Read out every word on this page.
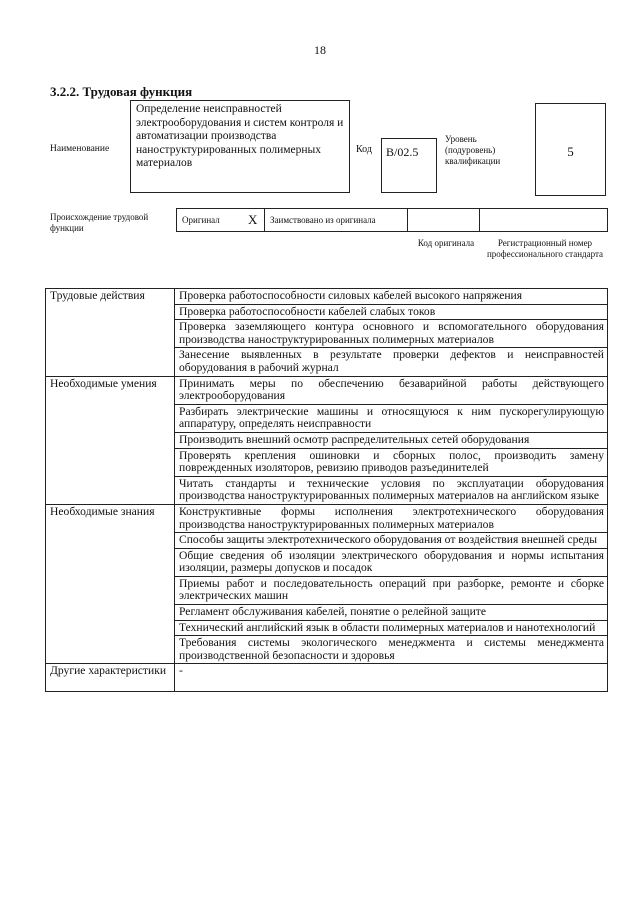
18
3.2.2. Трудовая функция
Наименование
Определение неисправностей электрооборудования и систем контроля и автоматизации производства наноструктурированных полимерных материалов
Код	B/02.5
Уровень (подуровень) квалификации
5
Происхождение трудовой функции
Оригинал	X	Заимствовано из оригинала
Код оригинала	Регистрационный номер профессионального стандарта
Трудовые действия	Проверка работоспособности силовых кабелей высокого напряжения
	Проверка работоспособности кабелей слабых токов
	Проверка заземляющего контура основного и вспомогательного оборудования производства наноструктурированных полимерных материалов
	Занесение выявленных в результате проверки дефектов и неисправностей оборудования в рабочий журнал
Необходимые умения	Принимать меры по обеспечению безаварийной работы действующего электрооборудования
	Разбирать электрические машины и относящуюся к ним пускорегулирующую аппаратуру, определять неисправности
	Производить внешний осмотр распределительных сетей оборудования
	Проверять крепления ошиновки и сборных полос, производить замену поврежденных изоляторов, ревизию приводов разъединителей
	Читать стандарты и технические условия по эксплуатации оборудования производства наноструктурированных полимерных материалов на английском языке
Необходимые знания	Конструктивные формы исполнения электротехнического оборудования производства наноструктурированных полимерных материалов
	Способы защиты электротехнического оборудования от воздействия внешней среды
	Общие сведения об изоляции электрического оборудования и нормы испытания изоляции, размеры допусков и посадок
	Приемы работ и последовательность операций при разборке, ремонте и сборке электрических машин
	Регламент обслуживания кабелей, понятие о релейной защите
	Технический английский язык в области полимерных материалов и нанотехнологий
	Требования системы экологического менеджмента и системы менеджмента производственной безопасности и здоровья
Другие характеристики	-
